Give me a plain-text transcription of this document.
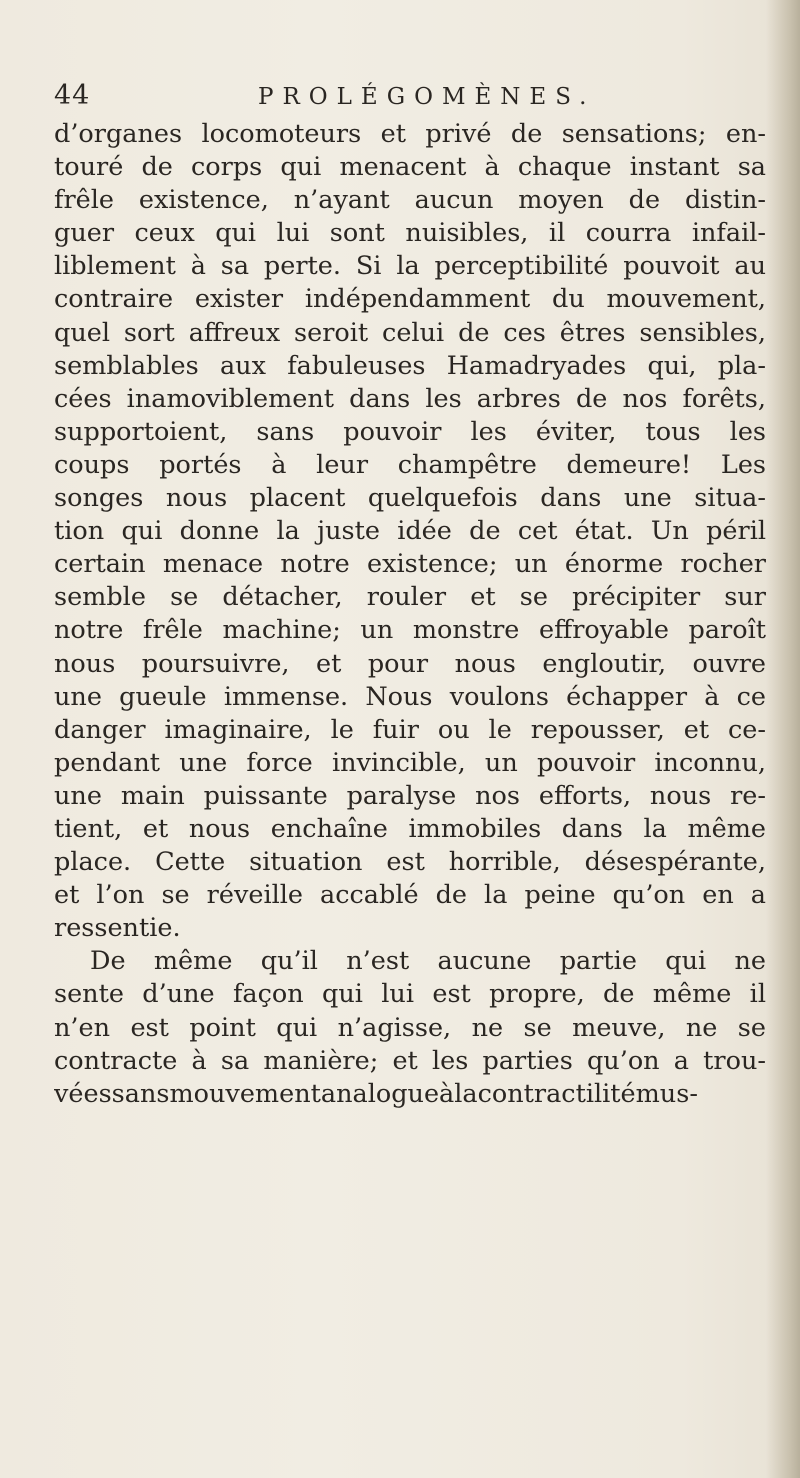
44	PROLÉGOMÈNES.
d’organes locomoteurs et privé de sensations; en-
touré de corps qui menacent à chaque instant sa
frêle existence, n’ayant aucun moyen de distin-
guer ceux qui lui sont nuisibles, il courra infail-
liblement à sa perte. Si la perceptibilité pouvoit au
contraire exister indépendamment du mouvement,
quel sort affreux seroit celui de ces êtres sensibles,
semblables aux fabuleuses Hamadryades qui, pla-
cées inamoviblement dans les arbres de nos forêts,
supportoient, sans pouvoir les éviter, tous les
coups portés à leur champêtre demeure! Les
songes nous placent quelquefois dans une situa-
tion qui donne la juste idée de cet état. Un péril
certain menace notre existence; un énorme rocher
semble se détacher, rouler et se précipiter sur
notre frêle machine; un monstre effroyable paroît
nous poursuivre, et pour nous engloutir, ouvre
une gueule immense. Nous voulons échapper à ce
danger imaginaire, le fuir ou le repousser, et ce-
pendant une force invincible, un pouvoir inconnu,
une main puissante paralyse nos efforts, nous re-
tient, et nous enchaîne immobiles dans la même
place. Cette situation est horrible, désespérante,
et l’on se réveille accablé de la peine qu’on en a
ressentie.
De même qu’il n’est aucune partie qui ne
sente d’une façon qui lui est propre, de même il
n’en est point qui n’agisse, ne se meuve, ne se
contracte à sa manière; et les parties qu’on a trou-
véessansmouvementanalogueàlacontractilitémus-
